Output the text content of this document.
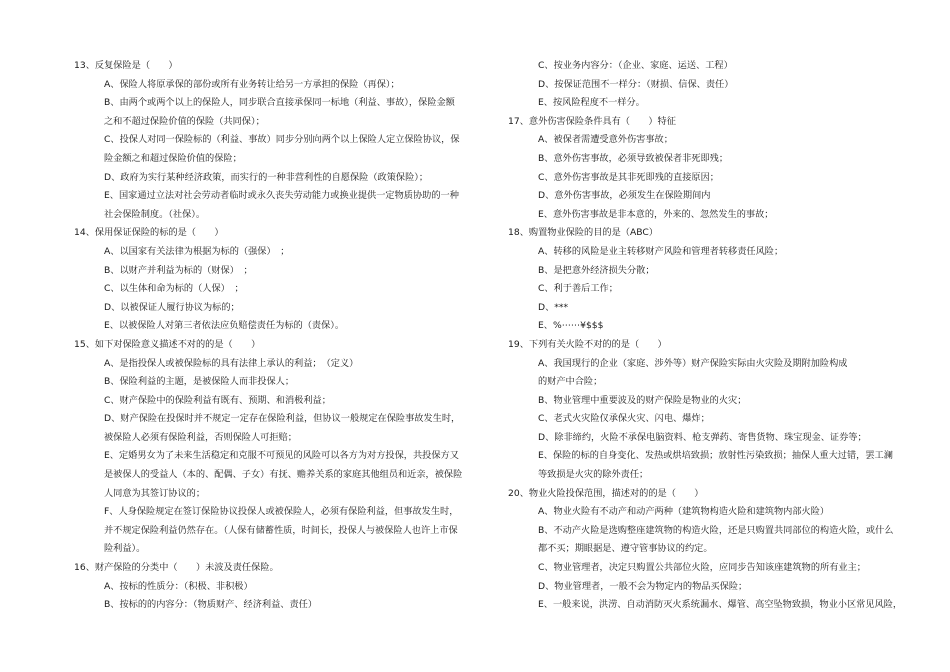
13、反复保险是（　　）
A、保险人将原承保的部份或所有业务转让给另一方承担的保险（再保）；
B、由两个或两个以上的保险人，同步联合直接承保同一标地（利益、事故），保险金额
之和不超过保险价值的保险（共同保）；
C、投保人对同一保险标的（利益、事故）同步分别向两个以上保险人定立保险协议，保
险金额之和超过保险价值的保险；
D、政府为实行某种经济政策，而实行的一种非营利性的自愿保险（政策保险）；
E、国家通过立法对社会劳动者临时或永久丧失劳动能力或换业提供一定物质协助的一种
社会保险制度。（社保）。
14、保用保证保险的标的是（　　）
A、以国家有关法律为根据为标的（强保）　；
B、以财产并利益为标的（财保）　；
C、以生体和命为标的（人保）　；
D、以被保证人履行协议为标的；
E、以被保险人对第三者依法应负赔偿责任为标的（责保）。
15、如下对保险意义描述不对的的是（　　）
A、是指投保人或被保险标的具有法律上承认的利益；　（定义）
B、保险利益的主题，是被保险人而非投保人；
C、财产保险中的保险利益有既有、预期、和消极利益；
D、财产保险在投保时并不规定一定存在保险利益，但协议一般规定在保险事故发生时，
被保险人必须有保险利益，否则保险人可拒赔；
E、定婚男女为了未来生活稳定和克服不可预见的风险可以各方为对方投保，共投保方又
是被保人的受益人（本的、配偶、子女）有抚、赡养关系的家庭其他组员和近亲，被保险
人同意为其签订协议的；
F、人身保险规定在签订保险协议投保人或被保险人，必须有保险利益，但事故发生时，
并不规定保险利益仍然存在。（人保有储蓄性质，时间长，投保人与被保险人也许上市保
险利益）。
16、财产保险的分类中（　　）未波及责任保险。
A、按标的性质分：（积极、非积极）
B、按标的的内容分：（物质财产、经济利益、责任）
C、按业务内容分：（企业、家庭、运送、工程）
D、按保证范围不一样分：（财损、信保、责任）
E、按风险程度不一样分。
17、意外伤害保险条件具有（　　）特征
A、被保者需遭受意外伤害事故；
B、意外伤害事故，必须导致被保者非死即残；
C、意外伤害事故是其非死即残的直接原因；
D、意外伤害事故，必须发生在保险期间内
E、意外伤害事故是非本意的，外来的、忽然发生的事故；
18、购置物业保险的目的是（ABC）
A、转移的风险是业主转移财产风险和管理者转移责任风险；
B、是把意外经济损失分散；
C、利于善后工作；
D、***
E、%⋯⋯¥$$$
19、下列有关火险不对的的是（　　）
A、我国现行的企业（家庭、涉外等）财产保险实际由火灾险及期附加险构成
的财产中合险；
B、物业管理中重要波及的财产保险是物业的火灾；
C、老式火灾险仅承保火灾、闪电、爆炸；
D、除非缔约，火险不承保电脑资料、枪支弹药、寄售货物、珠宝现金、证券等；
E、保险的标的自身变化、发热或烘培致损；放射性污染致损；抽保人重大过错，罢工澜
等致损是火灾的除外责任；
20、物业火险投保范围，描述对的的是（　　）
A、物业火险有不动产和动产两种（建筑物构造火险和建筑物内部火险）
B、不动产火险是选购整座建筑物的构造火险，还是只购置共同部位的构造火险，或什么
都不买；期眼据是、遵守管事协议的约定。
C、物业管理者，决定只购置公共部位火险，应同步告知该座建筑物的所有业主；
D、物业管理者，一般不会为物定内的物品买保险；
E、一般来说，洪涝、自动消防灭火系统漏水、爆管、高空坠物致损，物业小区常见风险，
